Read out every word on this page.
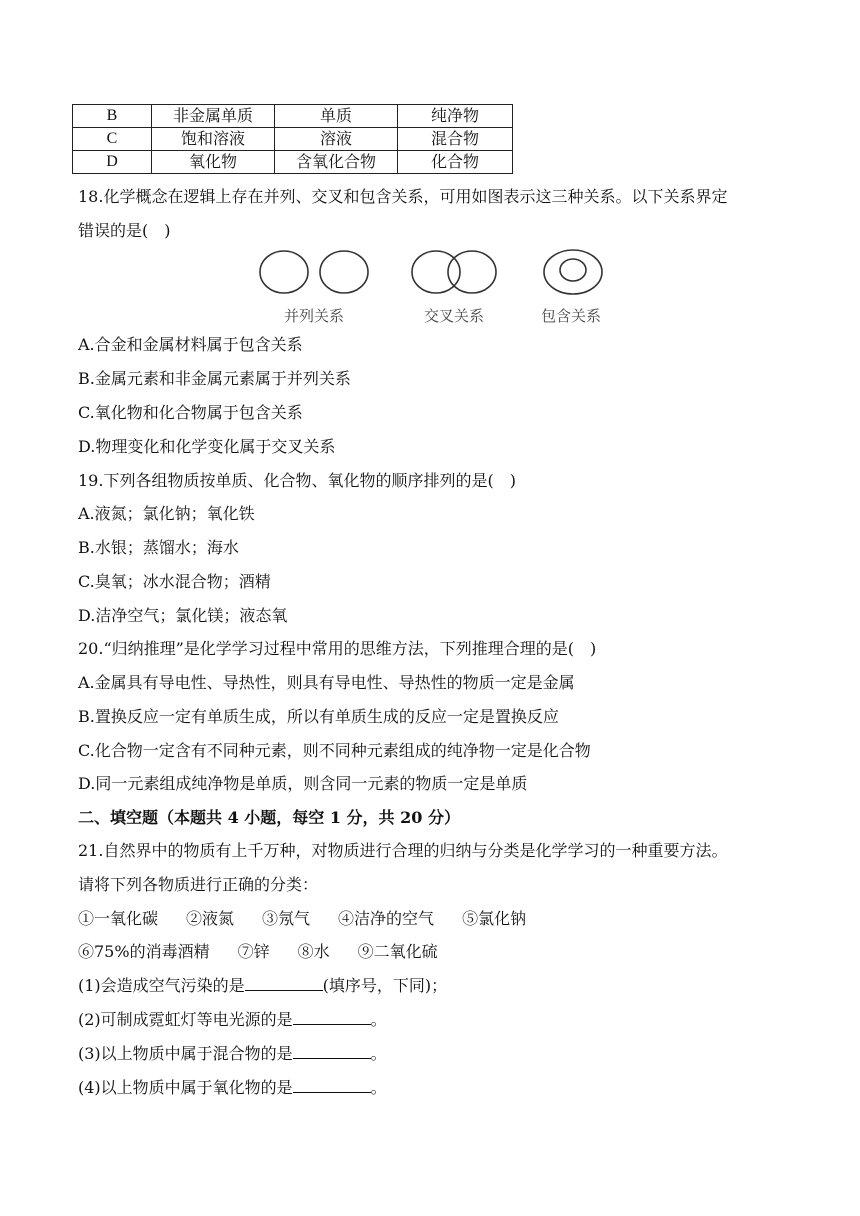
B	非金属单质	单质	纯净物
C	饱和溶液	溶液	混合物
D	氧化物	含氧化合物	化合物
18.化学概念在逻辑上存在并列、交叉和包含关系，可用如图表示这三种关系。以下关系界定
错误的是(　)
并列关系	交叉关系	包含关系
A.合金和金属材料属于包含关系
B.金属元素和非金属元素属于并列关系
C.氧化物和化合物属于包含关系
D.物理变化和化学变化属于交叉关系
19.下列各组物质按单质、化合物、氧化物的顺序排列的是(　)
A.液氮；氯化钠；氧化铁
B.水银；蒸馏水；海水
C.臭氧；冰水混合物；酒精
D.洁净空气；氯化镁；液态氧
20.“归纳推理”是化学学习过程中常用的思维方法，下列推理合理的是(　)
A.金属具有导电性、导热性，则具有导电性、导热性的物质一定是金属
B.置换反应一定有单质生成，所以有单质生成的反应一定是置换反应
C.化合物一定含有不同种元素，则不同种元素组成的纯净物一定是化合物
D.同一元素组成纯净物是单质，则含同一元素的物质一定是单质
二、填空题（本题共 4 小题，每空 1 分，共 20 分）
21.自然界中的物质有上千万种，对物质进行合理的归纳与分类是化学学习的一种重要方法。
请将下列各物质进行正确的分类：
①一氧化碳 ②液氮 ③氖气 ④洁净的空气 ⑤氯化钠
⑥75%的消毒酒精 ⑦锌 ⑧水 ⑨二氧化硫
(1)会造成空气污染的是	(填序号，下同)；
(2)可制成霓虹灯等电光源的是	。
(3)以上物质中属于混合物的是	。
(4)以上物质中属于氧化物的是	。
